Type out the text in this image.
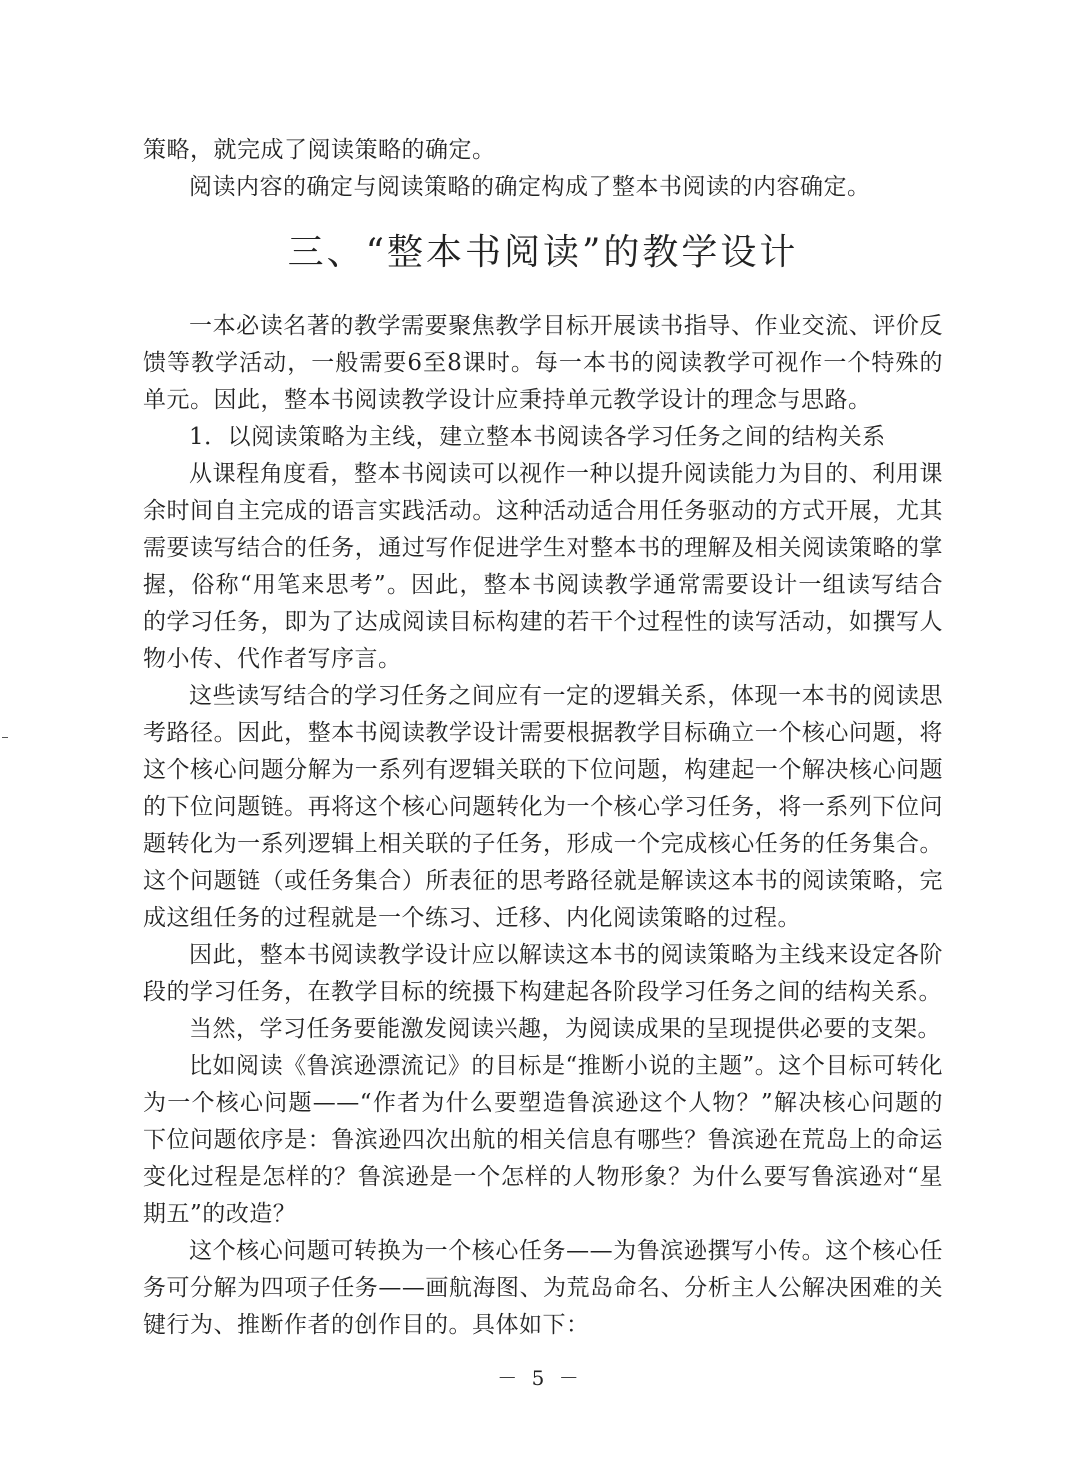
策略，就完成了阅读策略的确定。

阅读内容的确定与阅读策略的确定构成了整本书阅读的内容确定。

三、“整本书阅读”的教学设计

一本必读名著的教学需要聚焦教学目标开展读书指导、作业交流、评价反馈等教学活动，一般需要6至8课时。每一本书的阅读教学可视作一个特殊的单元。因此，整本书阅读教学设计应秉持单元教学设计的理念与思路。

1．以阅读策略为主线，建立整本书阅读各学习任务之间的结构关系

从课程角度看，整本书阅读可以视作一种以提升阅读能力为目的、利用课余时间自主完成的语言实践活动。这种活动适合用任务驱动的方式开展，尤其需要读写结合的任务，通过写作促进学生对整本书的理解及相关阅读策略的掌握，俗称“用笔来思考”。因此，整本书阅读教学通常需要设计一组读写结合的学习任务，即为了达成阅读目标构建的若干个过程性的读写活动，如撰写人物小传、代作者写序言。

这些读写结合的学习任务之间应有一定的逻辑关系，体现一本书的阅读思考路径。因此，整本书阅读教学设计需要根据教学目标确立一个核心问题，将这个核心问题分解为一系列有逻辑关联的下位问题，构建起一个解决核心问题的下位问题链。再将这个核心问题转化为一个核心学习任务，将一系列下位问题转化为一系列逻辑上相关联的子任务，形成一个完成核心任务的任务集合。这个问题链（或任务集合）所表征的思考路径就是解读这本书的阅读策略，完成这组任务的过程就是一个练习、迁移、内化阅读策略的过程。

因此，整本书阅读教学设计应以解读这本书的阅读策略为主线来设定各阶段的学习任务，在教学目标的统摄下构建起各阶段学习任务之间的结构关系。

当然，学习任务要能激发阅读兴趣，为阅读成果的呈现提供必要的支架。

比如阅读《鲁滨逊漂流记》的目标是“推断小说的主题”。这个目标可转化为一个核心问题——“作者为什么要塑造鲁滨逊这个人物？”解决核心问题的下位问题依序是：鲁滨逊四次出航的相关信息有哪些？鲁滨逊在荒岛上的命运变化过程是怎样的？鲁滨逊是一个怎样的人物形象？为什么要写鲁滨逊对“星期五”的改造？

这个核心问题可转换为一个核心任务——为鲁滨逊撰写小传。这个核心任务可分解为四项子任务——画航海图、为荒岛命名、分析主人公解决困难的关键行为、推断作者的创作目的。具体如下：

－ 5 －
